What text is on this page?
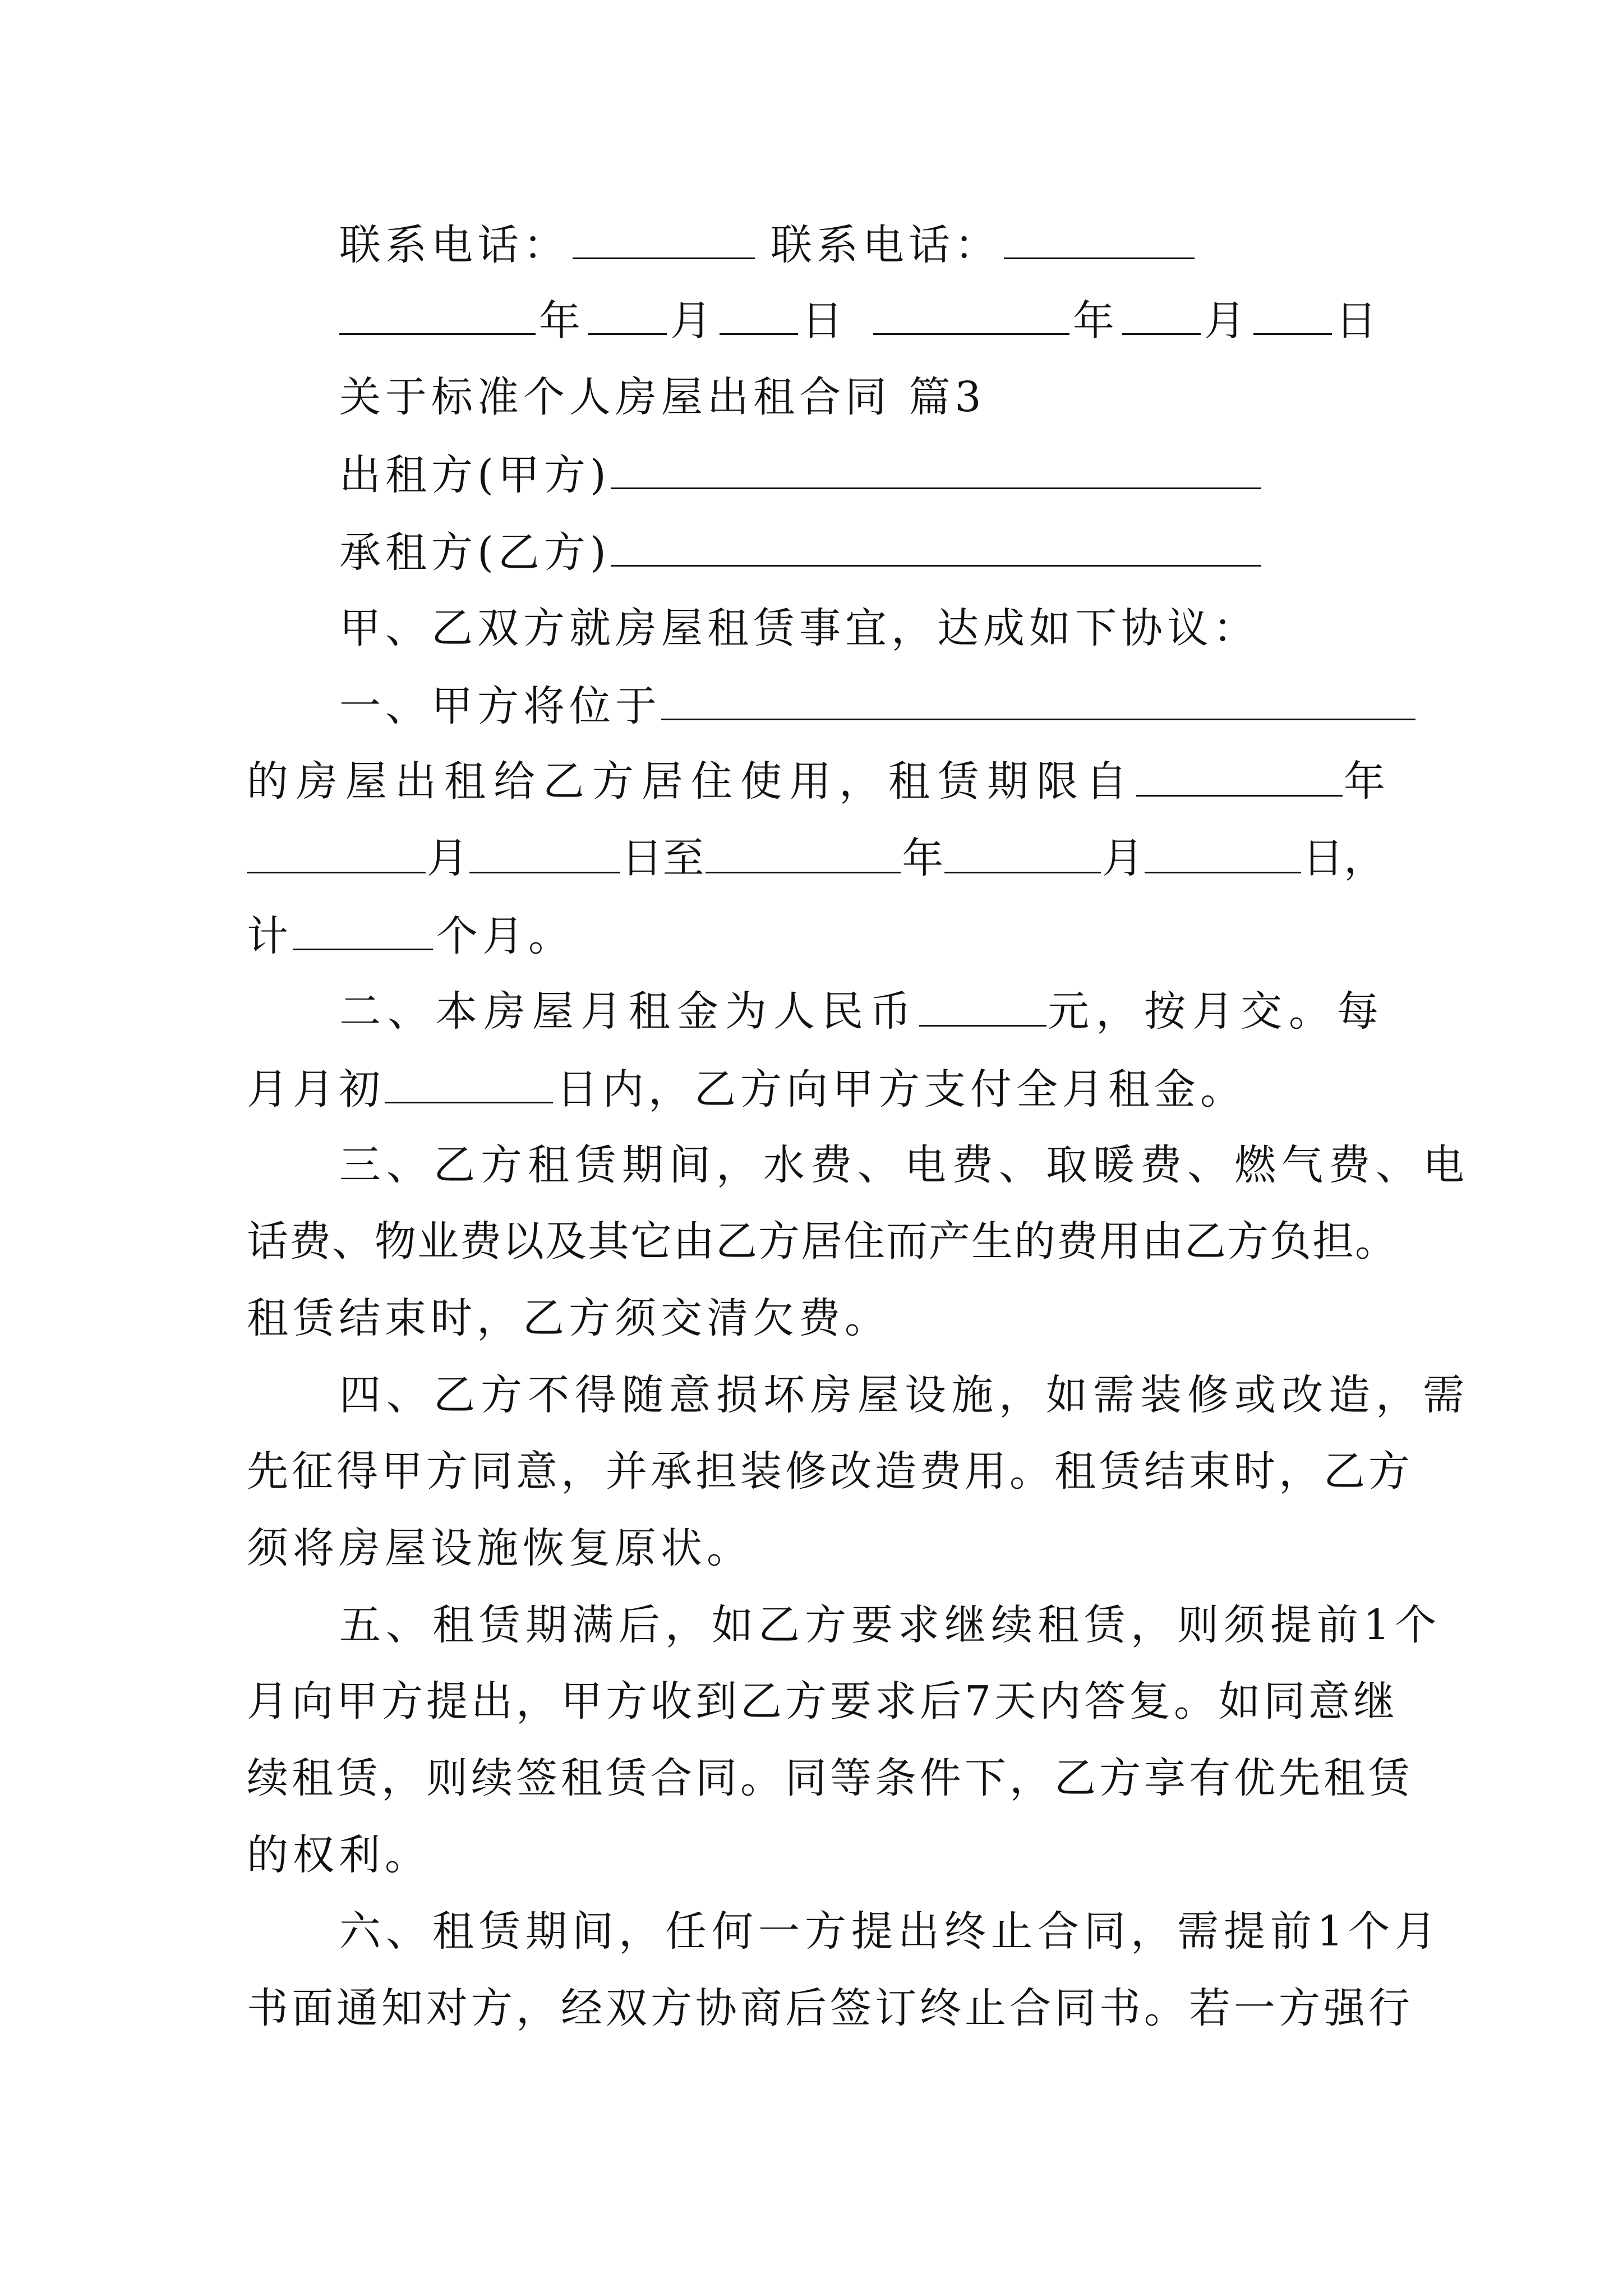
联系电话：	联系电话：
年 月 日	年 月 日
关于标准个人房屋出租合同 篇3
出租方(甲方)
承租方(乙方)
甲、乙双方就房屋租赁事宜，达成如下协议：
一、甲方将位于
的房屋出租给乙方居住使用，租赁期限自	年
月	日至	年	月	日，
计	个月。
二、本房屋月租金为人民币	元，按月交。每
月月初	日内，乙方向甲方支付全月租金。
三、乙方租赁期间，水费、电费、取暖费、燃气费、电
话费、物业费以及其它由乙方居住而产生的费用由乙方负担。
租赁结束时，乙方须交清欠费。
四、乙方不得随意损坏房屋设施，如需装修或改造，需
先征得甲方同意，并承担装修改造费用。租赁结束时，乙方
须将房屋设施恢复原状。
五、租赁期满后，如乙方要求继续租赁，则须提前1个
月向甲方提出，甲方收到乙方要求后7天内答复。如同意继
续租赁，则续签租赁合同。同等条件下，乙方享有优先租赁
的权利。
六、租赁期间，任何一方提出终止合同，需提前1个月
书面通知对方，经双方协商后签订终止合同书。若一方强行
